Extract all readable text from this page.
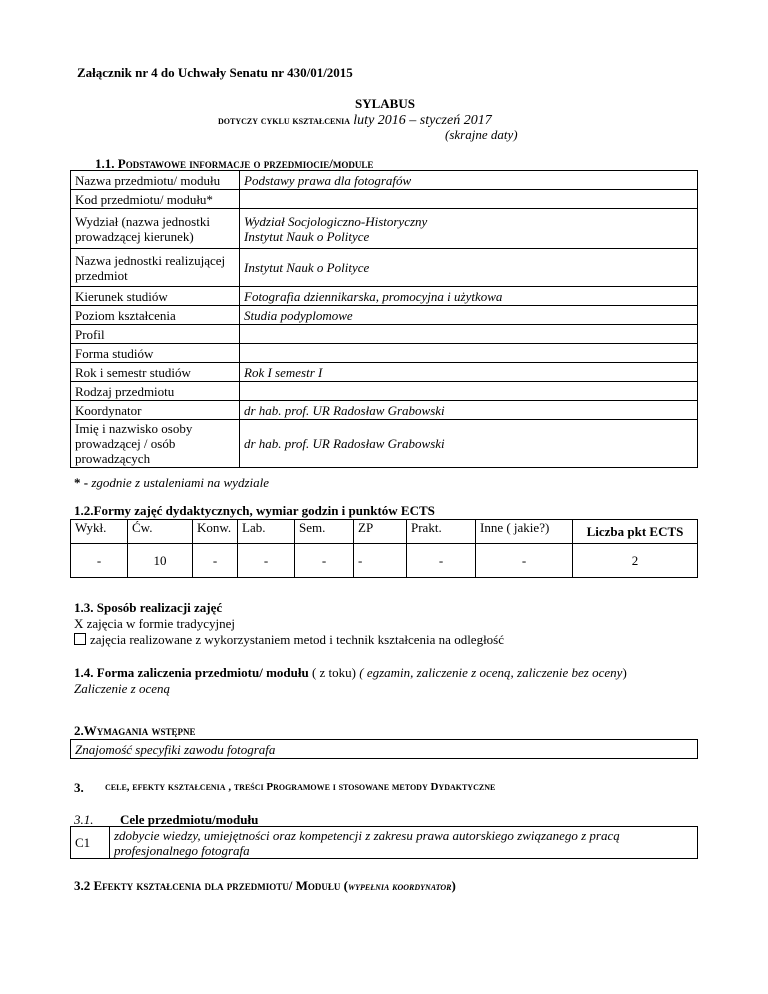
Załącznik nr 4 do Uchwały Senatu nr 430/01/2015
SYLABUS
dotyczy cyklu kształcenia luty 2016 – styczeń 2017
(skrajne daty)
1.1. Podstawowe informacje o przedmiocie/module
Nazwa przedmiotu/ modułu	Podstawy prawa dla fotografów
Kod przedmiotu/ modułu*	
Wydział (nazwa jednostki prowadzącej kierunek)	Wydział Socjologiczno-Historyczny
Instytut Nauk o Polityce

Nazwa jednostki realizującej przedmiot	Instytut Nauk o Polityce
Kierunek studiów	Fotografia dziennikarska, promocyjna i użytkowa
Poziom kształcenia	Studia podyplomowe
Profil	
Forma studiów	
Rok i semestr studiów	Rok I semestr I
Rodzaj przedmiotu	
Koordynator	dr hab. prof. UR Radosław Grabowski
Imię i nazwisko osoby prowadzącej / osób prowadzących	dr hab. prof. UR Radosław Grabowski
* - zgodnie z ustaleniami na wydziale
1.2.Formy zajęć dydaktycznych, wymiar godzin i punktów ECTS
Wykł.	Ćw.	Konw.	Lab.	Sem.	ZP	Prakt.	Inne ( jakie?)	Liczba pkt ECTS
-	10	-	-	-	-	-	-	2
1.3. Sposób realizacji zajęć
X zajęcia w formie tradycyjnej
zajęcia realizowane z wykorzystaniem metod i technik kształcenia na odległość
1.4. Forma zaliczenia przedmiotu/ modułu ( z toku) ( egzamin, zaliczenie z oceną, zaliczenie bez oceny)
Zaliczenie z oceną
2.Wymagania wstępne
Znajomość specyfiki zawodu fotografa
3. cele, efekty kształcenia , treści Programowe i stosowane metody Dydaktyczne
3.1. Cele przedmiotu/modułu
C1	zdobycie wiedzy, umiejętności oraz kompetencji z zakresu prawa autorskiego związanego z pracą
profesjonalnego fotografa
3.2 Efekty kształcenia dla przedmiotu/ Modułu (wypełnia koordynator)
